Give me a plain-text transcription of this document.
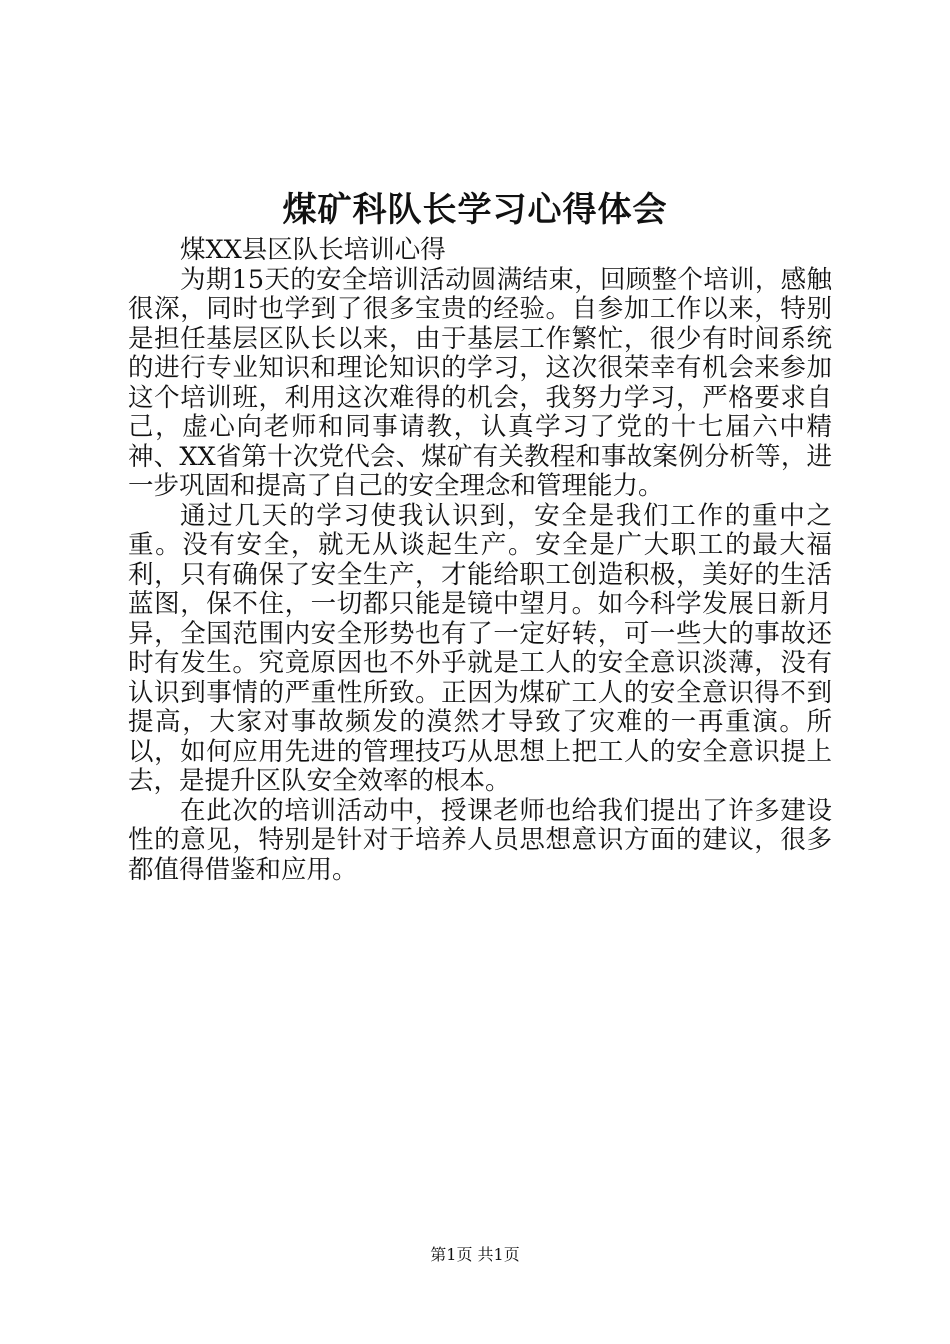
煤矿科队长学习心得体会

煤XX县区队长培训心得

为期15天的安全培训活动圆满结束，回顾整个培训，感触很深，同时也学到了很多宝贵的经验。自参加工作以来，特别是担任基层区队长以来，由于基层工作繁忙，很少有时间系统的进行专业知识和理论知识的学习，这次很荣幸有机会来参加这个培训班，利用这次难得的机会，我努力学习，严格要求自己，虚心向老师和同事请教，认真学习了党的十七届六中精神、XX省第十次党代会、煤矿有关教程和事故案例分析等，进一步巩固和提高了自己的安全理念和管理能力。

通过几天的学习使我认识到，安全是我们工作的重中之重。没有安全，就无从谈起生产。安全是广大职工的最大福利，只有确保了安全生产，才能给职工创造积极，美好的生活蓝图，保不住，一切都只能是镜中望月。如今科学发展日新月异，全国范围内安全形势也有了一定好转，可一些大的事故还时有发生。究竟原因也不外乎就是工人的安全意识淡薄，没有认识到事情的严重性所致。正因为煤矿工人的安全意识得不到提高，大家对事故频发的漠然才导致了灾难的一再重演。所以，如何应用先进的管理技巧从思想上把工人的安全意识提上去，是提升区队安全效率的根本。

在此次的培训活动中，授课老师也给我们提出了许多建设性的意见，特别是针对于培养人员思想意识方面的建议，很多都值得借鉴和应用。

第1页 共1页
